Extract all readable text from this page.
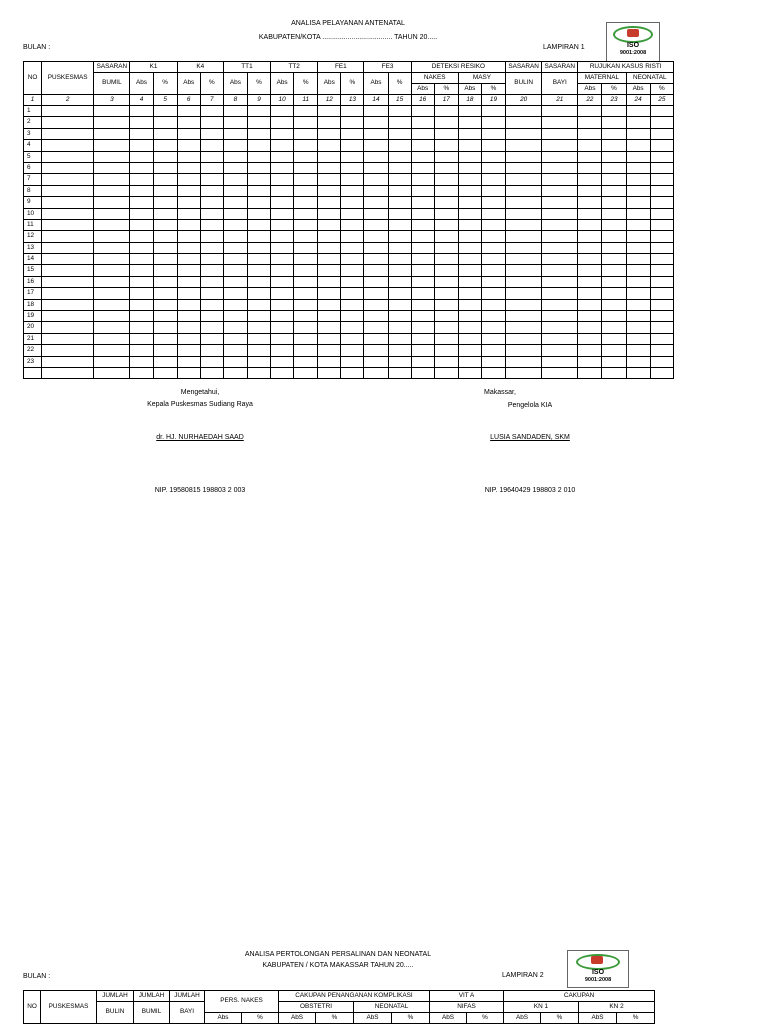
ANALISA PELAYANAN ANTENATAL
KABUPATEN/KOTA .................................... TAHUN 20.....
BULAN :	LAMPIRAN 1	ISO
9001:2008
NO	PUSKESMAS	SASARAN	K1		K4		TT1		TT2		FE1		FE3		DETEKSI RESIKO				SASARAN	SASARAN	RUJUKAN KASUS RISTI			
		BUMIL	Abs	%	Abs	%	Abs	%	Abs	%	Abs	%	Abs	%	NAKES		MASY		BULIN	BAYI	MATERNAL		NEONATAL	
															Abs	%	Abs	%			Abs	%	Abs	%
1	2	3	4	5	6	7	8	9	10	11	12	13	14	15	16	17	18	19	20	21	22	23	24	25
1																								
2																								
3																								
4																								
5																								
6																								
7																								
8																								
9																								
10																								
11																								
12																								
13																								
14																								
15																								
16																								
17																								
18																								
19																								
20																								
21																								
22																								
23																								

Mengetahui,
Kepala Puskesmas Sudiang Raya
dr. HJ. NURHAEDAH SAAD
NIP. 19580815 198803 2 003
Makassar,
Pengelola KIA
LUSIA SANDADEN, SKM
NIP. 19640429 198803 2 010
ANALISA PERTOLONGAN PERSALINAN DAN NEONATAL
KABUPATEN / KOTA MAKASSAR TAHUN 20.....
BULAN :	LAMPIRAN 2	ISO
9001:2008
NO	PUSKESMAS	JUMLAH	JUMLAH	JUMLAH	PERS. NAKES		CAKUPAN PENANGANAN KOMPLIKASI				VIT A		CAKUPAN			
		BULIN	BUMIL	BAYI			OBSTETRI		NEONATAL		NIFAS		KN 1		KN 2	
					Abs	%	AbS	%	AbS	%	AbS	%	AbS	%	AbS	%
